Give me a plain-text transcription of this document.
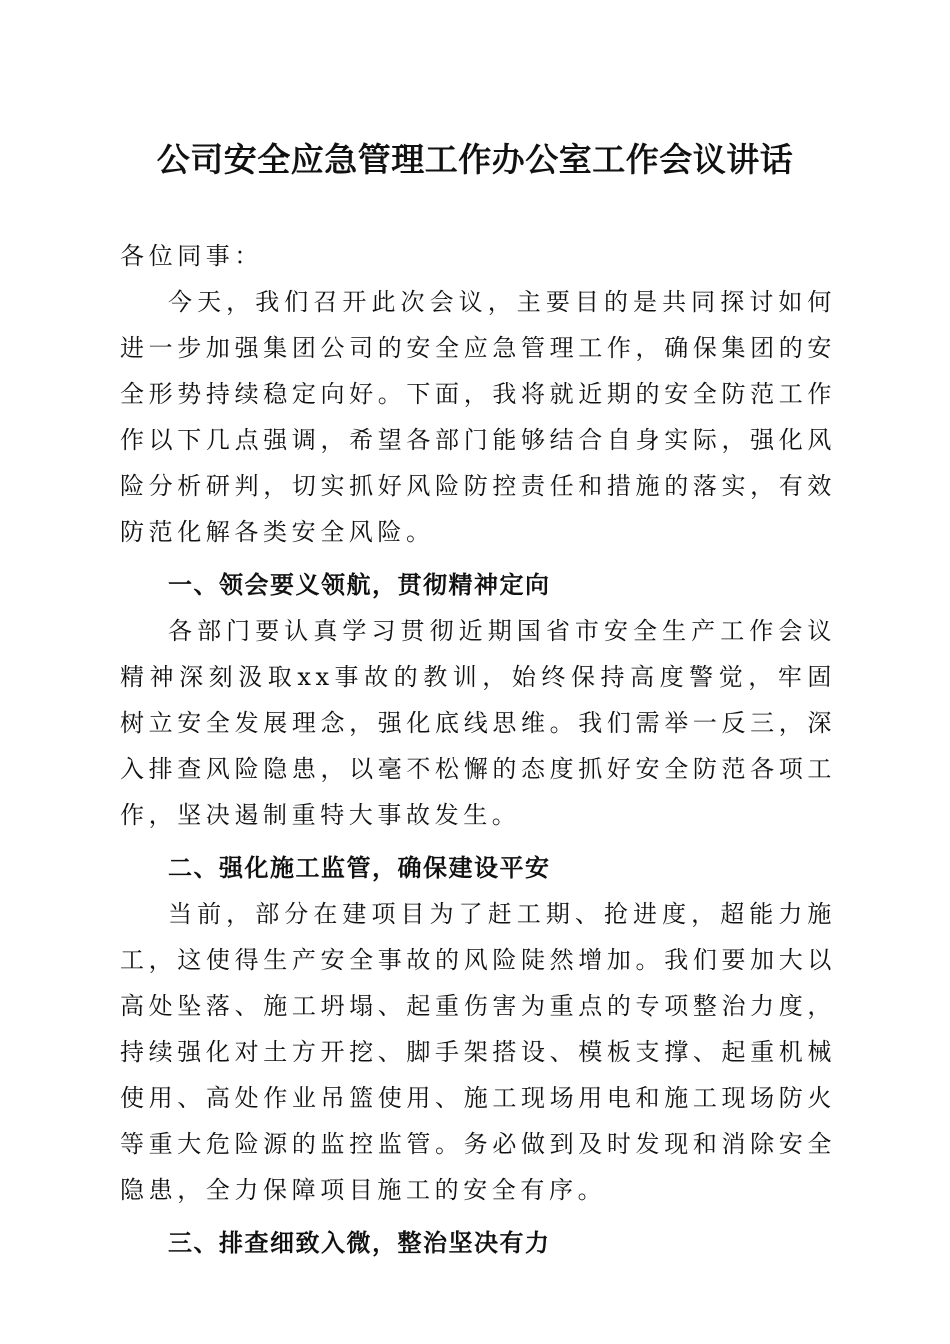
公司安全应急管理工作办公室工作会议讲话

各位同事：

今天，我们召开此次会议，主要目的是共同探讨如何进一步加强集团公司的安全应急管理工作，确保集团的安全形势持续稳定向好。下面，我将就近期的安全防范工作作以下几点强调，希望各部门能够结合自身实际，强化风险分析研判，切实抓好风险防控责任和措施的落实，有效防范化解各类安全风险。

一、领会要义领航，贯彻精神定向

各部门要认真学习贯彻近期国省市安全生产工作会议精神深刻汲取xx事故的教训，始终保持高度警觉，牢固树立安全发展理念，强化底线思维。我们需举一反三，深入排查风险隐患，以毫不松懈的态度抓好安全防范各项工作，坚决遏制重特大事故发生。

二、强化施工监管，确保建设平安

当前，部分在建项目为了赶工期、抢进度，超能力施工，这使得生产安全事故的风险陡然增加。我们要加大以高处坠落、施工坍塌、起重伤害为重点的专项整治力度，持续强化对土方开挖、脚手架搭设、模板支撑、起重机械使用、高处作业吊篮使用、施工现场用电和施工现场防火等重大危险源的监控监管。务必做到及时发现和消除安全隐患，全力保障项目施工的安全有序。

三、排查细致入微，整治坚决有力
